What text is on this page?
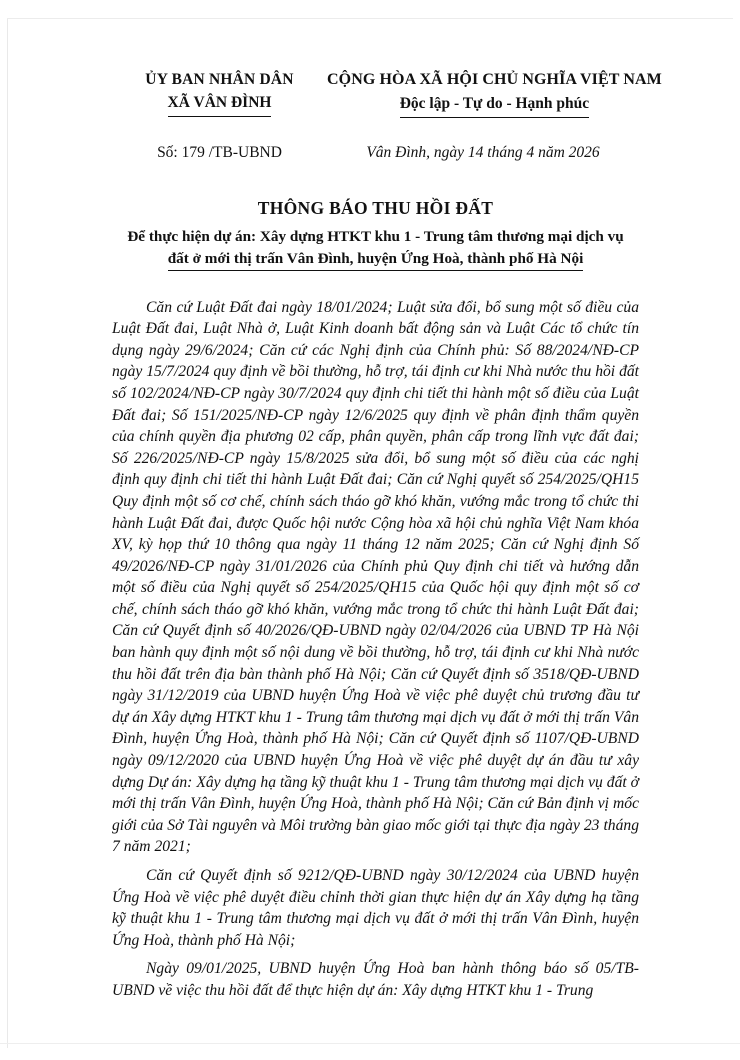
ỦY BAN NHÂN DÂN
XÃ VÂN ĐÌNH
CỘNG HÒA XÃ HỘI CHỦ NGHĨA VIỆT NAM
Độc lập - Tự do - Hạnh phúc
Số: 179 /TB-UBND	Vân Đình, ngày 14 tháng 4 năm 2026
THÔNG BÁO THU HỒI ĐẤT
Để thực hiện dự án: Xây dựng HTKT khu 1 - Trung tâm thương mại dịch vụ
đất ở mới thị trấn Vân Đình, huyện Ứng Hoà, thành phố Hà Nội

Căn cứ Luật Đất đai ngày 18/01/2024; Luật sửa đổi, bổ sung một số điều của Luật Đất đai, Luật Nhà ở, Luật Kinh doanh bất động sản và Luật Các tổ chức tín dụng ngày 29/6/2024; Căn cứ các Nghị định của Chính phủ: Số 88/2024/NĐ-CP ngày 15/7/2024 quy định về bồi thường, hỗ trợ, tái định cư khi Nhà nước thu hồi đất số 102/2024/NĐ-CP ngày 30/7/2024 quy định chi tiết thi hành một số điều của Luật Đất đai; Số 151/2025/NĐ-CP ngày 12/6/2025 quy định về phân định thẩm quyền của chính quyền địa phương 02 cấp, phân quyền, phân cấp trong lĩnh vực đất đai; Số 226/2025/NĐ-CP ngày 15/8/2025 sửa đổi, bổ sung một số điều của các nghị định quy định chi tiết thi hành Luật Đất đai; Căn cứ Nghị quyết số 254/2025/QH15 Quy định một số cơ chế, chính sách tháo gỡ khó khăn, vướng mắc trong tổ chức thi hành Luật Đất đai, được Quốc hội nước Cộng hòa xã hội chủ nghĩa Việt Nam khóa XV, kỳ họp thứ 10 thông qua ngày 11 tháng 12 năm 2025; Căn cứ Nghị định Số 49/2026/NĐ-CP ngày 31/01/2026 của Chính phủ Quy định chi tiết và hướng dẫn một số điều của Nghị quyết số 254/2025/QH15 của Quốc hội quy định một số cơ chế, chính sách tháo gỡ khó khăn, vướng mắc trong tổ chức thi hành Luật Đất đai; Căn cứ Quyết định số 40/2026/QĐ-UBND ngày 02/04/2026 của UBND TP Hà Nội ban hành quy định một số nội dung về bồi thường, hỗ trợ, tái định cư khi Nhà nước thu hồi đất trên địa bàn thành phố Hà Nội; Căn cứ Quyết định số 3518/QĐ-UBND ngày 31/12/2019 của UBND huyện Ứng Hoà về việc phê duyệt chủ trương đầu tư dự án Xây dựng HTKT khu 1 - Trung tâm thương mại dịch vụ đất ở mới thị trấn Vân Đình, huyện Ứng Hoà, thành phố Hà Nội; Căn cứ Quyết định số 1107/QĐ-UBND ngày 09/12/2020 của UBND huyện Ứng Hoà về việc phê duyệt dự án đầu tư xây dựng Dự án: Xây dựng hạ tầng kỹ thuật khu 1 - Trung tâm thương mại dịch vụ đất ở mới thị trấn Vân Đình, huyện Ứng Hoà, thành phố Hà Nội; Căn cứ Bản định vị mốc giới của Sở Tài nguyên và Môi trường bàn giao mốc giới tại thực địa ngày 23 tháng 7 năm 2021;

Căn cứ Quyết định số 9212/QĐ-UBND ngày 30/12/2024 của UBND huyện Ứng Hoà về việc phê duyệt điều chỉnh thời gian thực hiện dự án Xây dựng hạ tầng kỹ thuật khu 1 - Trung tâm thương mại dịch vụ đất ở mới thị trấn Vân Đình, huyện Ứng Hoà, thành phố Hà Nội;

Ngày 09/01/2025, UBND huyện Ứng Hoà ban hành thông báo số 05/TB-UBND về việc thu hồi đất để thực hiện dự án: Xây dựng HTKT khu 1 - Trung
